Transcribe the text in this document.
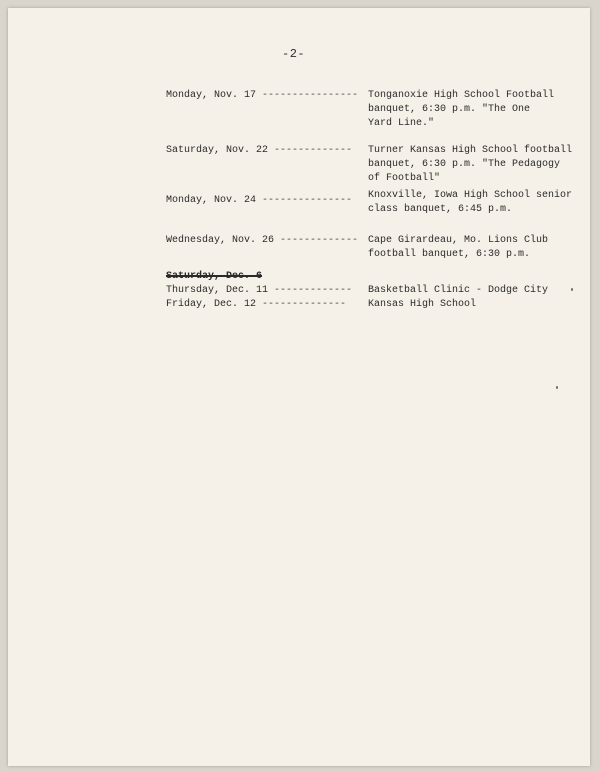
-2-
Monday, Nov. 17 ---------------- Tonganoxie High School Football
banquet, 6:30 p.m. "The One
Yard Line."
Saturday, Nov. 22 -------------	Turner Kansas High School football
banquet, 6:30 p.m. "The Pedagogy
of Football"
Monday, Nov. 24 ---------------	Knoxville, Iowa High School senior
class banquet, 6:45 p.m.
Wednesday, Nov. 26 ------------- Cape Girardeau, Mo. Lions Club
football banquet, 6:30 p.m.
Saturday, Dec. 6
Thursday, Dec. 11 -------------
Friday, Dec. 12 --------------

Basketball Clinic - Dodge City
Kansas High School
